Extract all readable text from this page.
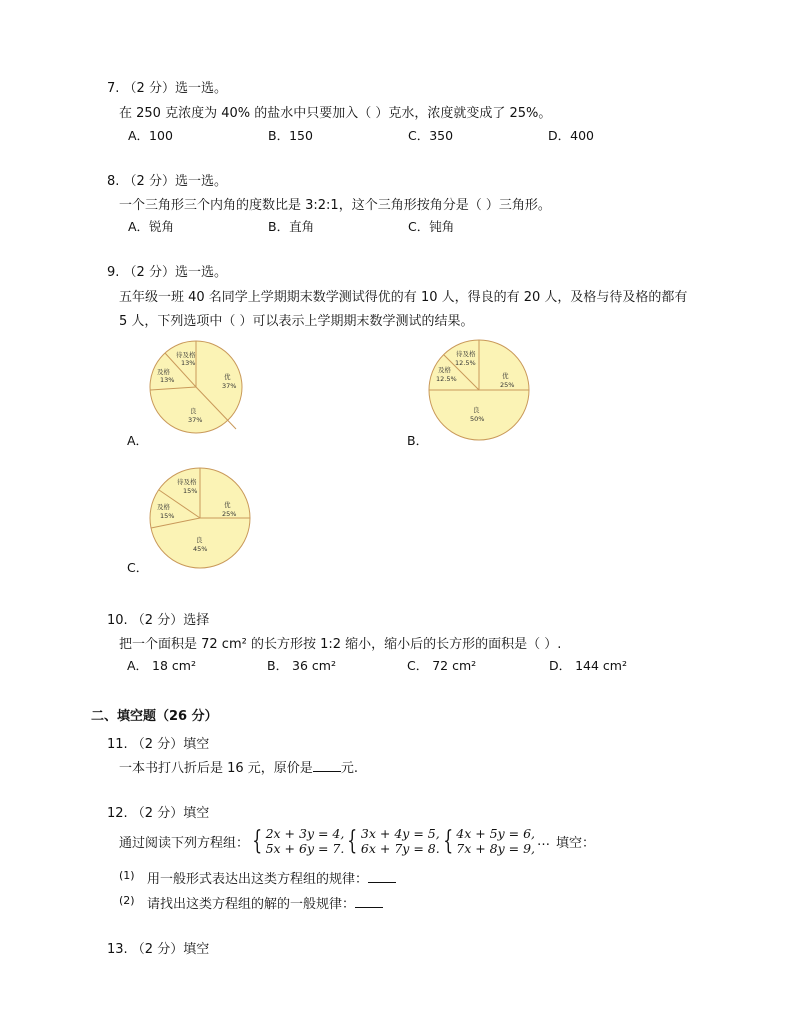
7. （2 分）选一选。
在 250 克浓度为 40% 的盐水中只要加入（ ）克水，浓度就变成了 25%。
A．100	B．150	C．350	D．400
8. （2 分）选一选。
一个三角形三个内角的度数比是 3:2:1，这个三角形按角分是（ ）三角形。
A．锐角	B．直角	C．钝角
9. （2 分）选一选。
五年级一班 40 名同学上学期期末数学测试得优的有 10 人，得良的有 20 人，及格与待及格的都有
5 人，下列选项中（ ）可以表示上学期期末数学测试的结果。
待及格
13%
及格
13%	优
37%
良
37%
A．
待及格
12.5%
及格
12.5%	优
25%
良
50%
B．
待及格
15%
及格
15%
优
25%
良
45%
C．
10. （2 分）选择
把一个面积是 72 cm² 的长方形按 1:2 缩小，缩小后的长方形的面积是（ ）.
A． 18 cm²	B． 36 cm²	C． 72 cm²	D． 144 cm²
二、填空题（26 分）
11. （2 分）填空
一本书打八折后是 16 元，原价是 元.
12. （2 分）填空
通过阅读下列方程组： { 2x + 3y = 4,
5x + 6y = 7. { 3x + 4y = 5,
6x + 7y = 8. { 4x + 5y = 6,
7x + 8y = 9, … 填空：
(1) 用一般形式表达出这类方程组的规律：
(2) 请找出这类方程组的解的一般规律：
13. （2 分）填空
